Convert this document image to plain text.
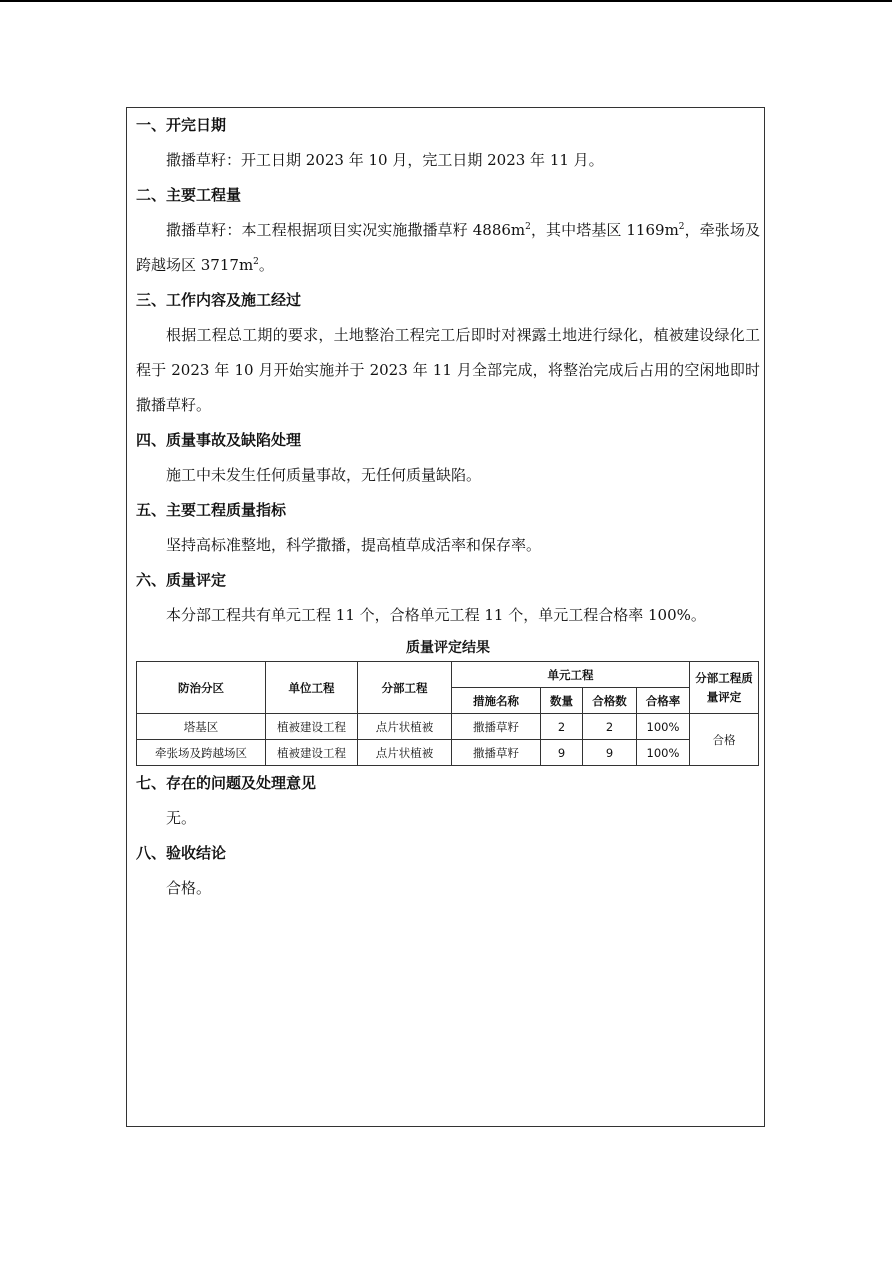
一、开完日期
撒播草籽：开工日期 2023 年 10 月，完工日期 2023 年 11 月。
二、主要工程量
撒播草籽：本工程根据项目实况实施撒播草籽 $4886m^2$，其中塔基区 $1169m^2$，牵张场及跨越场区 $3717m^2$。
三、工作内容及施工经过
根据工程总工期的要求，土地整治工程完工后即时对裸露土地进行绿化，植被建设绿化工程于 2023 年 10 月开始实施并于 2023 年 11 月全部完成，将整治完成后占用的空闲地即时撒播草籽。
四、质量事故及缺陷处理
施工中未发生任何质量事故，无任何质量缺陷。
五、主要工程质量指标
坚持高标准整地，科学撒播，提高植草成活率和保存率。
六、质量评定
本分部工程共有单元工程 11 个，合格单元工程 11 个，单元工程合格率 100%。
质量评定结果
防治分区	单位工程	分部工程	单元工程				分部工程质量评定
			措施名称	数量	合格数	合格率	
塔基区	植被建设工程	点片状植被	撒播草籽	2	2	100%	合格
牵张场及跨越场区	植被建设工程	点片状植被	撒播草籽	9	9	100%	
七、存在的问题及处理意见
无。
八、验收结论
合格。
